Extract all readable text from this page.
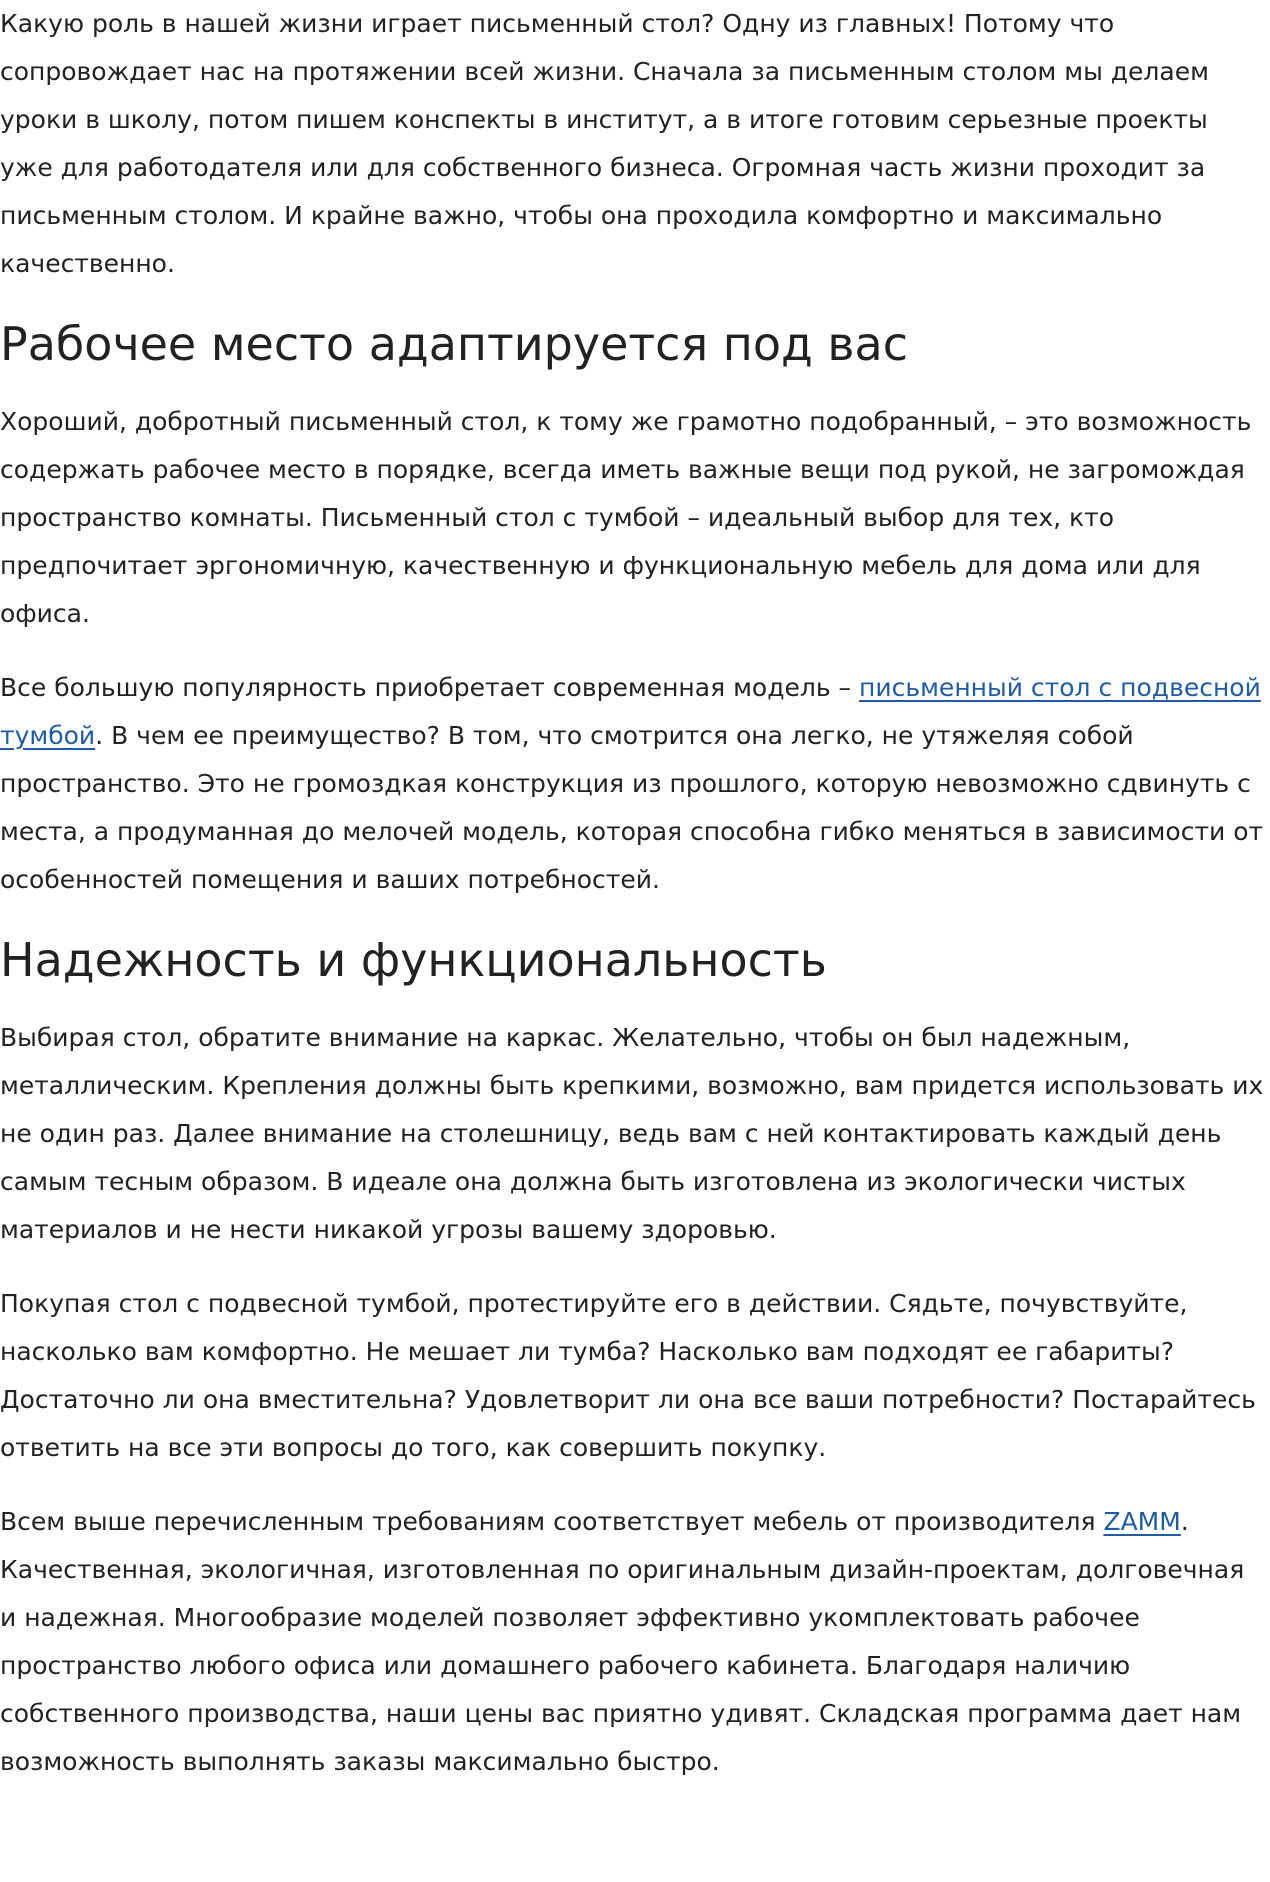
Какую роль в нашей жизни играет письменный стол? Одну из главных! Потому что сопровождает нас на протяжении всей жизни. Сначала за письменным столом мы делаем уроки в школу, потом пишем конспекты в институт, а в итоге готовим серьезные проекты уже для работодателя или для собственного бизнеса. Огромная часть жизни проходит за письменным столом. И крайне важно, чтобы она проходила комфортно и максимально качественно.

Рабочее место адаптируется под вас

Хороший, добротный письменный стол, к тому же грамотно подобранный, – это возможность содержать рабочее место в порядке, всегда иметь важные вещи под рукой, не загромождая пространство комнаты. Письменный стол с тумбой – идеальный выбор для тех, кто предпочитает эргономичную, качественную и функциональную мебель для дома или для офиса.

Все большую популярность приобретает современная модель – письменный стол с подвесной тумбой. В чем ее преимущество? В том, что смотрится она легко, не утяжеляя собой пространство. Это не громоздкая конструкция из прошлого, которую невозможно сдвинуть с места, а продуманная до мелочей модель, которая способна гибко меняться в зависимости от особенностей помещения и ваших потребностей.

Надежность и функциональность

Выбирая стол, обратите внимание на каркас. Желательно, чтобы он был надежным, металлическим. Крепления должны быть крепкими, возможно, вам придется использовать их не один раз. Далее внимание на столешницу, ведь вам с ней контактировать каждый день самым тесным образом. В идеале она должна быть изготовлена из экологически чистых материалов и не нести никакой угрозы вашему здоровью.

Покупая стол с подвесной тумбой, протестируйте его в действии. Сядьте, почувствуйте, насколько вам комфортно. Не мешает ли тумба? Насколько вам подходят ее габариты? Достаточно ли она вместительна? Удовлетворит ли она все ваши потребности? Постарайтесь ответить на все эти вопросы до того, как совершить покупку.

Всем выше перечисленным требованиям соответствует мебель от производителя ZAMM. Качественная, экологичная, изготовленная по оригинальным дизайн-проектам, долговечная и надежная. Многообразие моделей позволяет эффективно укомплектовать рабочее пространство любого офиса или домашнего рабочего кабинета. Благодаря наличию собственного производства, наши цены вас приятно удивят. Складская программа дает нам возможность выполнять заказы максимально быстро.
